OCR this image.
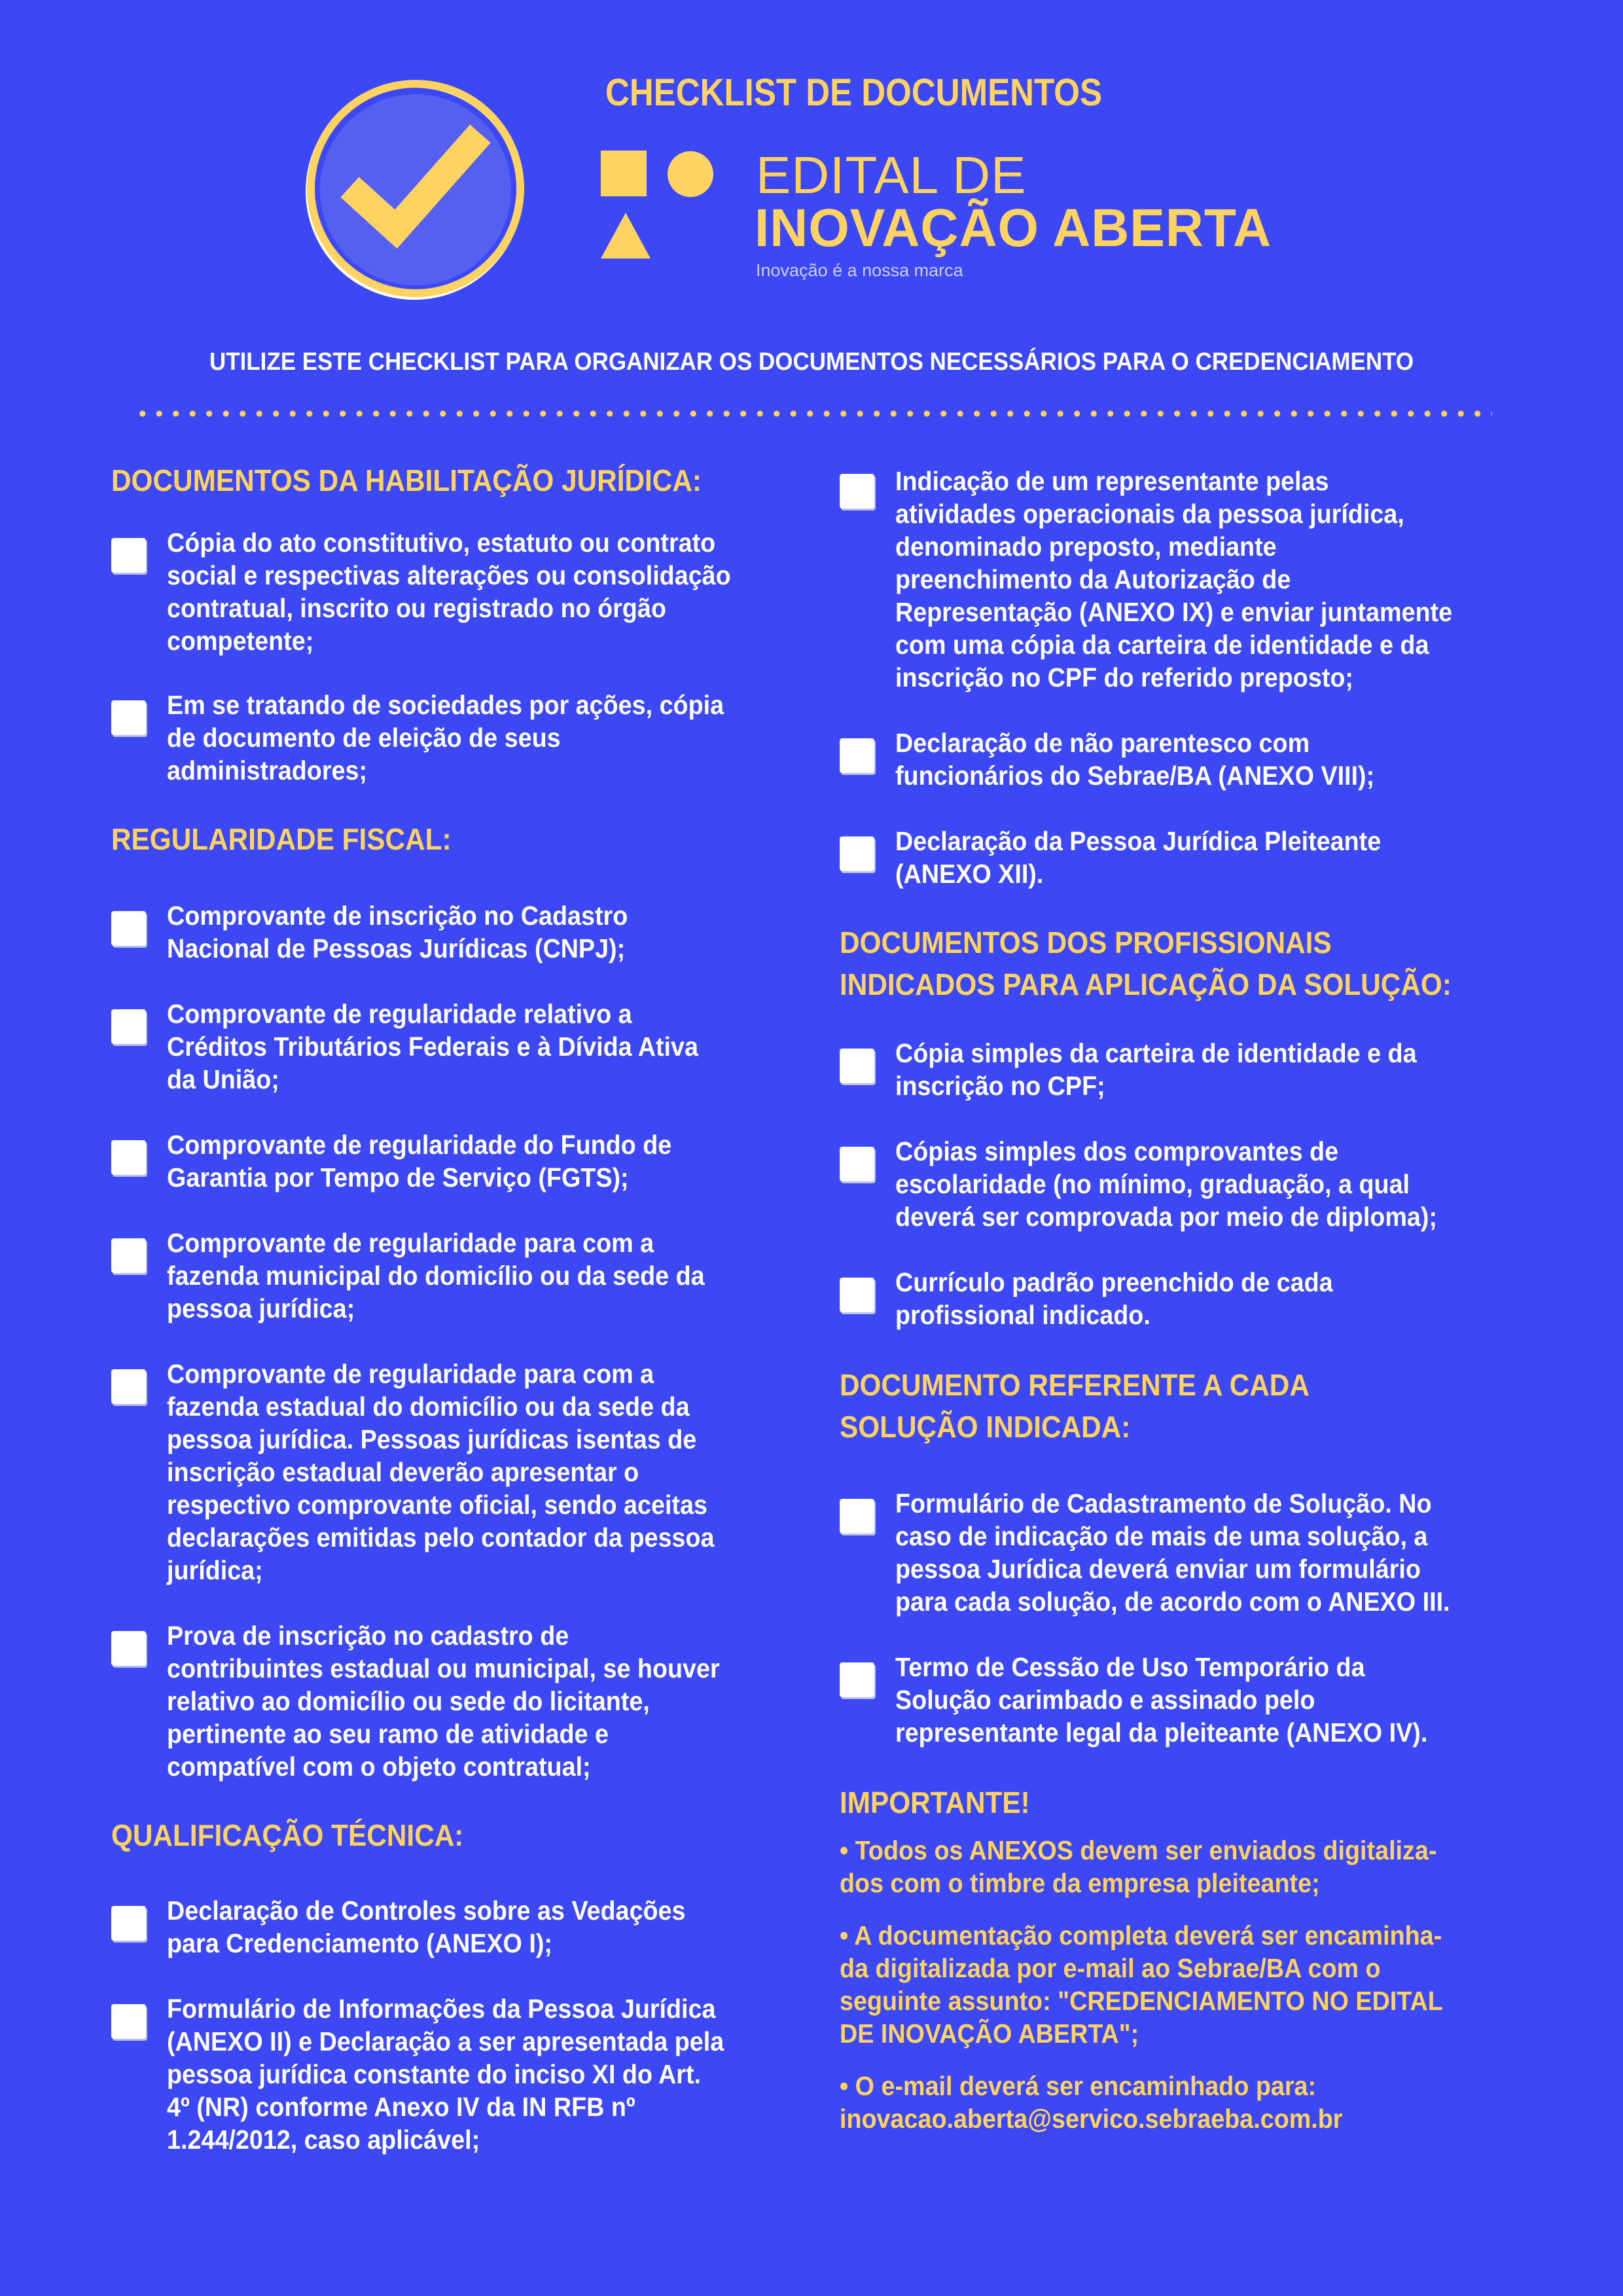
CHECKLIST DE DOCUMENTOS
EDITAL DE
INOVAÇÃO ABERTA
Inovação é a nossa marca
UTILIZE ESTE CHECKLIST PARA ORGANIZAR OS DOCUMENTOS NECESSÁRIOS PARA O CREDENCIAMENTO
DOCUMENTOS DA HABILITAÇÃO JURÍDICA:
Cópia do ato constitutivo, estatuto ou contrato
social e respectivas alterações ou consolidação
contratual, inscrito ou registrado no órgão
competente;
Em se tratando de sociedades por ações, cópia
de documento de eleição de seus
administradores;
REGULARIDADE FISCAL:
Comprovante de inscrição no Cadastro
Nacional de Pessoas Jurídicas (CNPJ);
Comprovante de regularidade relativo a
Créditos Tributários Federais e à Dívida Ativa
da União;
Comprovante de regularidade do Fundo de
Garantia por Tempo de Serviço (FGTS);
Comprovante de regularidade para com a
fazenda municipal do domicílio ou da sede da
pessoa jurídica;
Comprovante de regularidade para com a
fazenda estadual do domicílio ou da sede da
pessoa jurídica. Pessoas jurídicas isentas de
inscrição estadual deverão apresentar o
respectivo comprovante oficial, sendo aceitas
declarações emitidas pelo contador da pessoa
jurídica;
Prova de inscrição no cadastro de
contribuintes estadual ou municipal, se houver
relativo ao domicílio ou sede do licitante,
pertinente ao seu ramo de atividade e
compatível com o objeto contratual;
QUALIFICAÇÃO TÉCNICA:
Declaração de Controles sobre as Vedações
para Credenciamento (ANEXO I);
Formulário de Informações da Pessoa Jurídica
(ANEXO II) e Declaração a ser apresentada pela
pessoa jurídica constante do inciso XI do Art.
4º (NR) conforme Anexo IV da IN RFB nº
1.244/2012, caso aplicável;
Indicação de um representante pelas
atividades operacionais da pessoa jurídica,
denominado preposto, mediante
preenchimento da Autorização de
Representação (ANEXO IX) e enviar juntamente
com uma cópia da carteira de identidade e da
inscrição no CPF do referido preposto;
Declaração de não parentesco com
funcionários do Sebrae/BA (ANEXO VIII);
Declaração da Pessoa Jurídica Pleiteante
(ANEXO XII).
DOCUMENTOS DOS PROFISSIONAIS
INDICADOS PARA APLICAÇÃO DA SOLUÇÃO:
Cópia simples da carteira de identidade e da
inscrição no CPF;
Cópias simples dos comprovantes de
escolaridade (no mínimo, graduação, a qual
deverá ser comprovada por meio de diploma);
Currículo padrão preenchido de cada
profissional indicado.
DOCUMENTO REFERENTE A CADA
SOLUÇÃO INDICADA:
Formulário de Cadastramento de Solução. No
caso de indicação de mais de uma solução, a
pessoa Jurídica deverá enviar um formulário
para cada solução, de acordo com o ANEXO III.
Termo de Cessão de Uso Temporário da
Solução carimbado e assinado pelo
representante legal da pleiteante (ANEXO IV).
IMPORTANTE!
• Todos os ANEXOS devem ser enviados digitaliza-
dos com o timbre da empresa pleiteante;
• A documentação completa deverá ser encaminha-
da digitalizada por e-mail ao Sebrae/BA com o
seguinte assunto: "CREDENCIAMENTO NO EDITAL
DE INOVAÇÃO ABERTA";
• O e-mail deverá ser encaminhado para:
inovacao.aberta@servico.sebraeba.com.br
